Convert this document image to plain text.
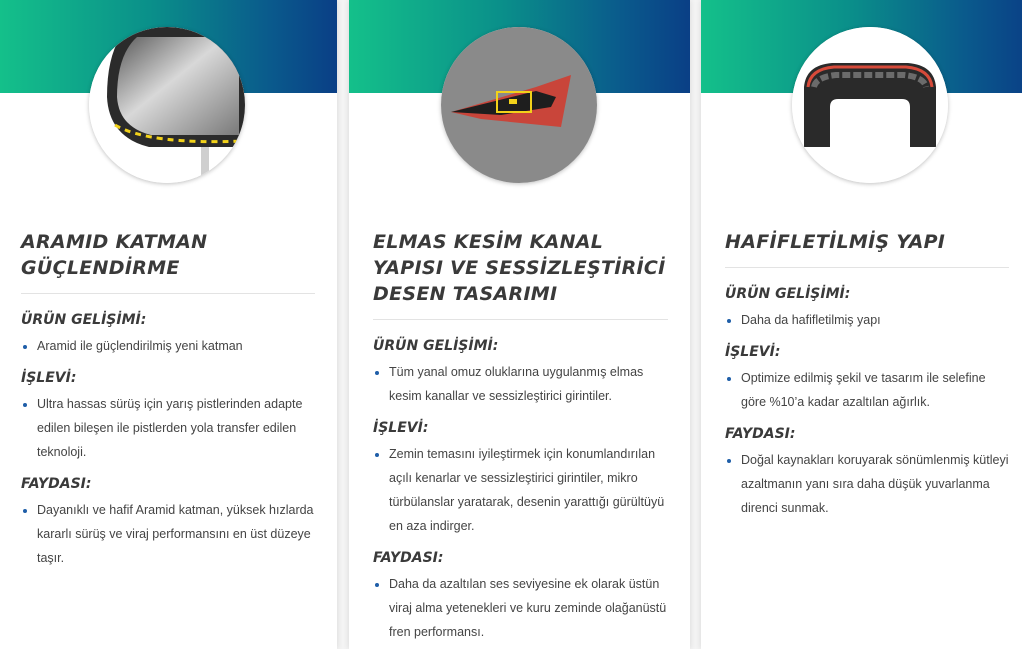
ARAMID KATMAN GÜÇLENDİRME
ÜRÜN GELİŞİMİ:
Aramid ile güçlendirilmiş yeni katman
İŞLEVİ:
Ultra hassas sürüş için yarış pistlerinden adapte edilen bileşen ile pistlerden yola transfer edilen teknoloji.
FAYDASI:
Dayanıklı ve hafif Aramid katman, yüksek hızlarda kararlı sürüş ve viraj performansını en üst düzeye taşır.
ELMAS KESİM KANAL YAPISI VE SESSİZLEŞTİRİCİ DESEN TASARIMI
ÜRÜN GELİŞİMİ:
Tüm yanal omuz oluklarına uygulanmış elmas kesim kanallar ve sessizleştirici girintiler.
İŞLEVİ:
Zemin temasını iyileştirmek için konumlandırılan açılı kenarlar ve sessizleştirici girintiler, mikro türbülanslar yaratarak, desenin yarattığı gürültüyü en aza indirger.
FAYDASI:
Daha da azaltılan ses seviyesine ek olarak üstün viraj alma yetenekleri ve kuru zeminde olağanüstü fren performansı.
HAFİFLETİLMİŞ YAPI
ÜRÜN GELİŞİMİ:
Daha da hafifletilmiş yapı
İŞLEVİ:
Optimize edilmiş şekil ve tasarım ile selefine göre %10’a kadar azaltılan ağırlık.
FAYDASI:
Doğal kaynakları koruyarak sönümlenmiş kütleyi azaltmanın yanı sıra daha düşük yuvarlanma direnci sunmak.
